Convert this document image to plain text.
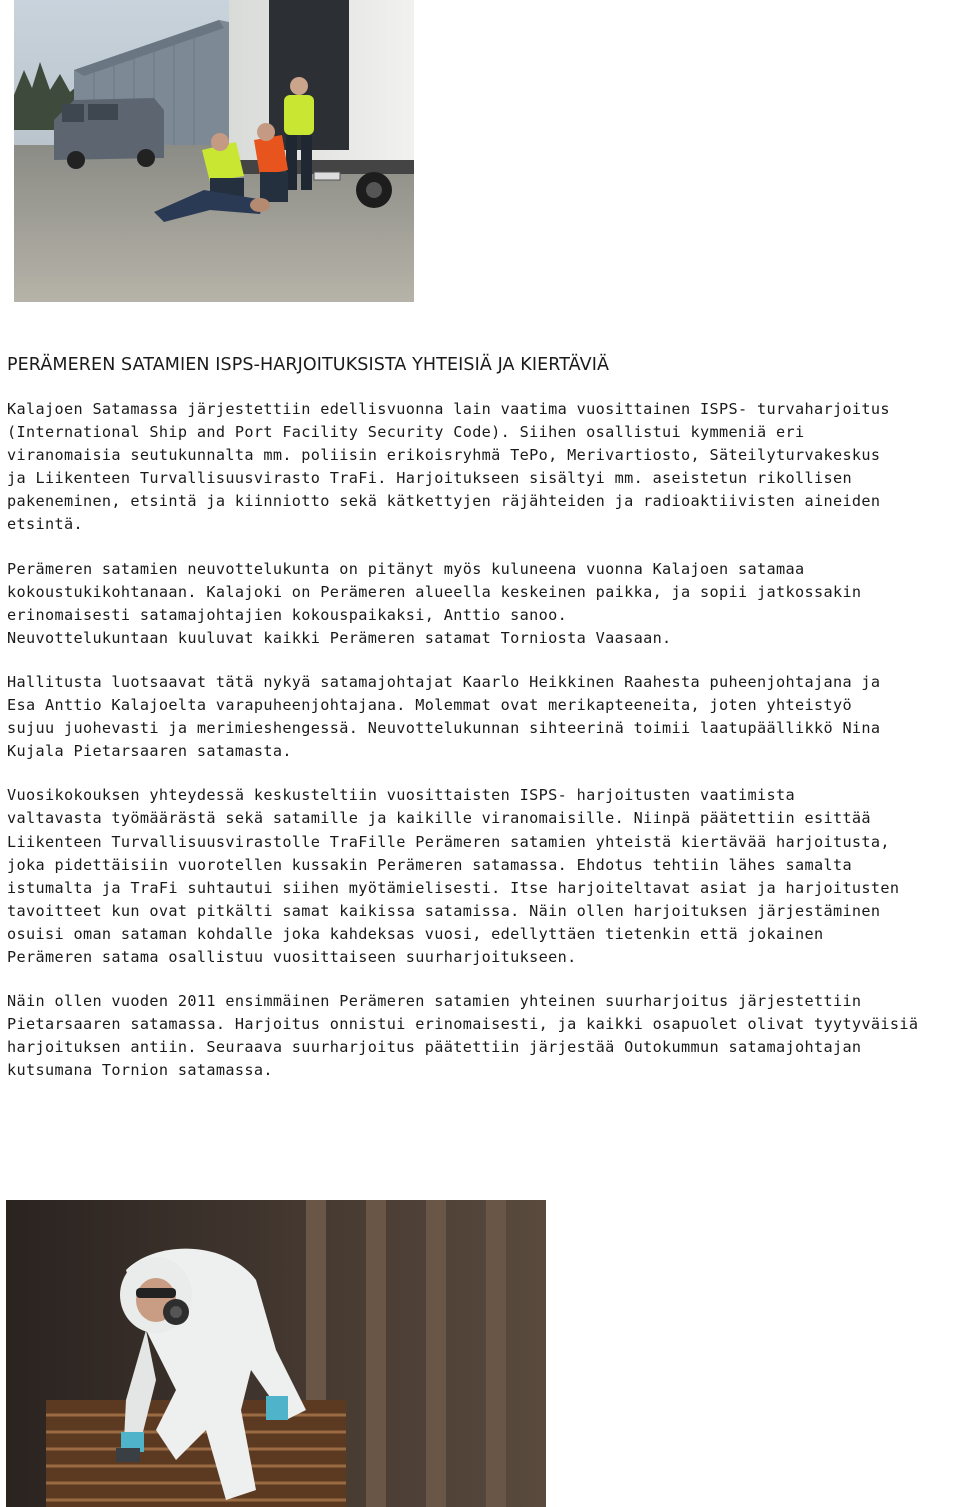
PERÄMEREN SATAMIEN ISPS-HARJOITUKSISTA YHTEISIÄ JA KIERTÄVIÄ

Kalajoen Satamassa järjestettiin edellisvuonna lain vaatima vuosittainen ISPS- turvaharjoitus
(International Ship and Port Facility Security Code). Siihen osallistui kymmeniä eri
viranomaisia seutukunnalta mm. poliisin erikoisryhmä TePo, Merivartiosto, Säteilyturvakeskus
ja Liikenteen Turvallisuusvirasto TraFi. Harjoitukseen sisältyi mm. aseistetun rikollisen
pakeneminen, etsintä ja kiinniotto sekä kätkettyjen räjähteiden ja radioaktiivisten aineiden
etsintä.

Perämeren satamien neuvottelukunta on pitänyt myös kuluneena vuonna Kalajoen satamaa
kokoustukikohtanaan. Kalajoki on Perämeren alueella keskeinen paikka, ja sopii jatkossakin
erinomaisesti satamajohtajien kokouspaikaksi, Anttio sanoo.
Neuvottelukuntaan kuuluvat kaikki Perämeren satamat Torniosta Vaasaan.

Hallitusta luotsaavat tätä nykyä satamajohtajat Kaarlo Heikkinen Raahesta puheenjohtajana ja
Esa Anttio Kalajoelta varapuheenjohtajana. Molemmat ovat merikapteeneita, joten yhteistyö
sujuu juohevasti ja merimieshengessä. Neuvottelukunnan sihteerinä toimii laatupäällikkö Nina
Kujala Pietarsaaren satamasta.

Vuosikokouksen yhteydessä keskusteltiin vuosittaisten ISPS- harjoitusten vaatimista
valtavasta työmäärästä sekä satamille ja kaikille viranomaisille. Niinpä päätettiin esittää
Liikenteen Turvallisuusvirastolle TraFille Perämeren satamien yhteistä kiertävää harjoitusta,
joka pidettäisiin vuorotellen kussakin Perämeren satamassa. Ehdotus tehtiin lähes samalta
istumalta ja TraFi suhtautui siihen myötämielisesti. Itse harjoiteltavat asiat ja harjoitusten
tavoitteet kun ovat pitkälti samat kaikissa satamissa. Näin ollen harjoituksen järjestäminen
osuisi oman sataman kohdalle joka kahdeksas vuosi, edellyttäen tietenkin että jokainen
Perämeren satama osallistuu vuosittaiseen suurharjoitukseen.

Näin ollen vuoden 2011 ensimmäinen Perämeren satamien yhteinen suurharjoitus järjestettiin
Pietarsaaren satamassa. Harjoitus onnistui erinomaisesti, ja kaikki osapuolet olivat tyytyväisiä
harjoituksen antiin. Seuraava suurharjoitus päätettiin järjestää Outokummun satamajohtajan
kutsumana Tornion satamassa.
